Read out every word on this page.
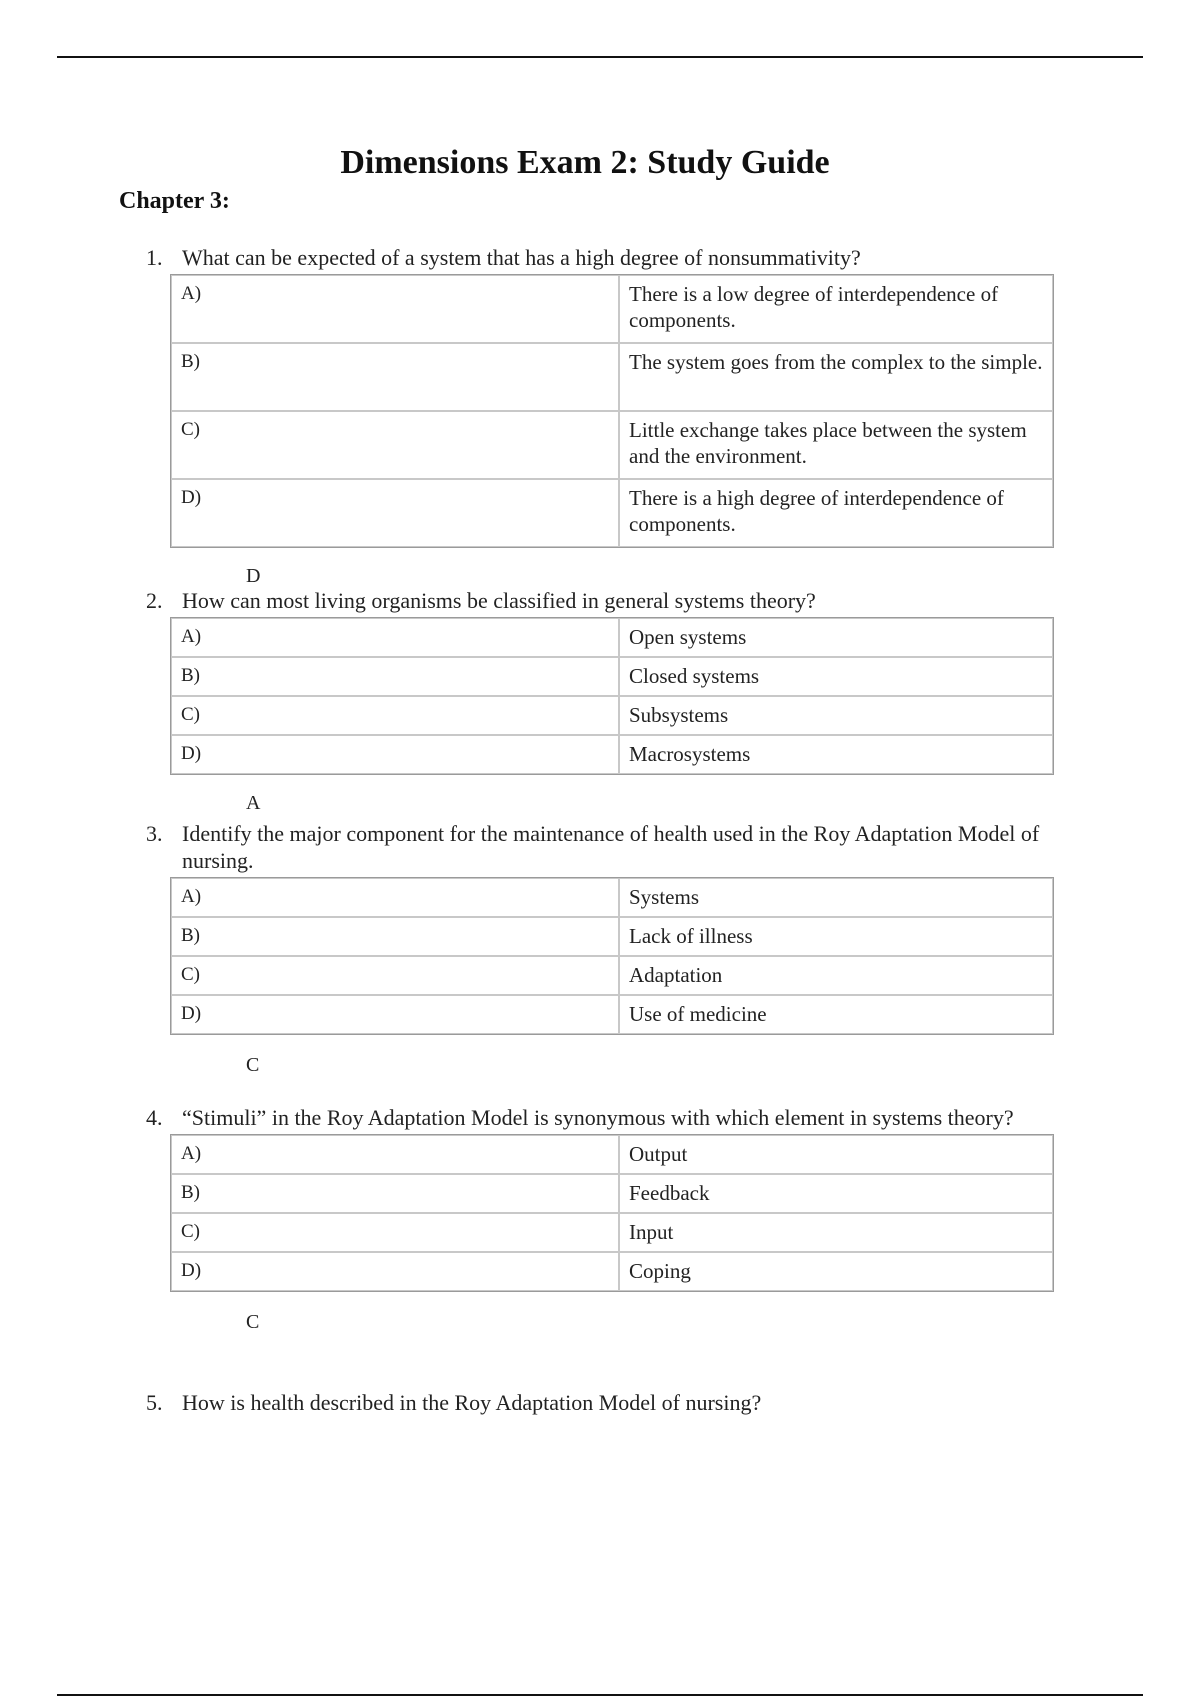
Dimensions Exam 2: Study Guide
Chapter 3:
1. What can be expected of a system that has a high degree of nonsummativity?
A)	There is a low degree of interdependence of components.
B)	The system goes from the complex to the simple.
C)	Little exchange takes place between the system and the environment.
D)	There is a high degree of interdependence of components.
D
2. How can most living organisms be classified in general systems theory?
A)	Open systems
B)	Closed systems
C)	Subsystems
D)	Macrosystems
A
3. Identify the major component for the maintenance of health used in the Roy Adaptation Model of nursing.
A)	Systems
B)	Lack of illness
C)	Adaptation
D)	Use of medicine
C
4. “Stimuli” in the Roy Adaptation Model is synonymous with which element in systems theory?
A)	Output
B)	Feedback
C)	Input
D)	Coping
C
5. How is health described in the Roy Adaptation Model of nursing?
